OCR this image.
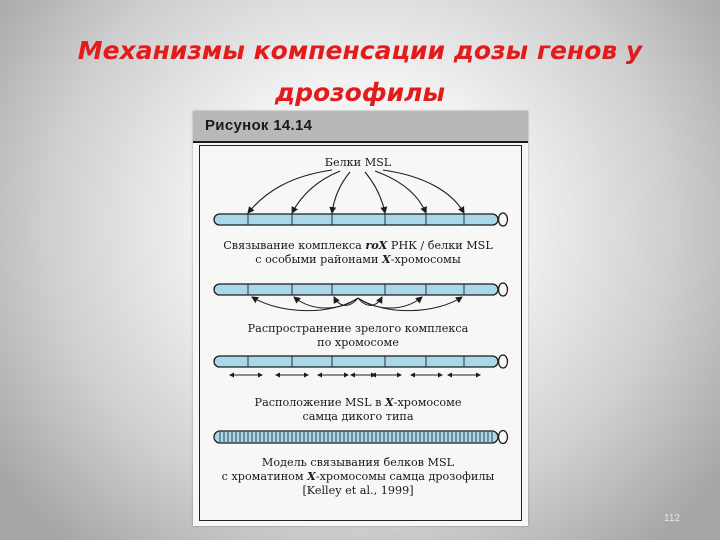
Механизмы компенсации дозы генов у
дрозофилы
Рисунок 14.14
Белки MSL
Связывание комплекса roX РНК / белки MSL
с особыми районами X-хромосомы
Распространение зрелого комплекса
по хромосоме
Расположение MSL в X-хромосоме
самца дикого типа
Модель связывания белков MSL
с хроматином X-хромосомы самца дрозофилы
[Kelley et al., 1999]
112
